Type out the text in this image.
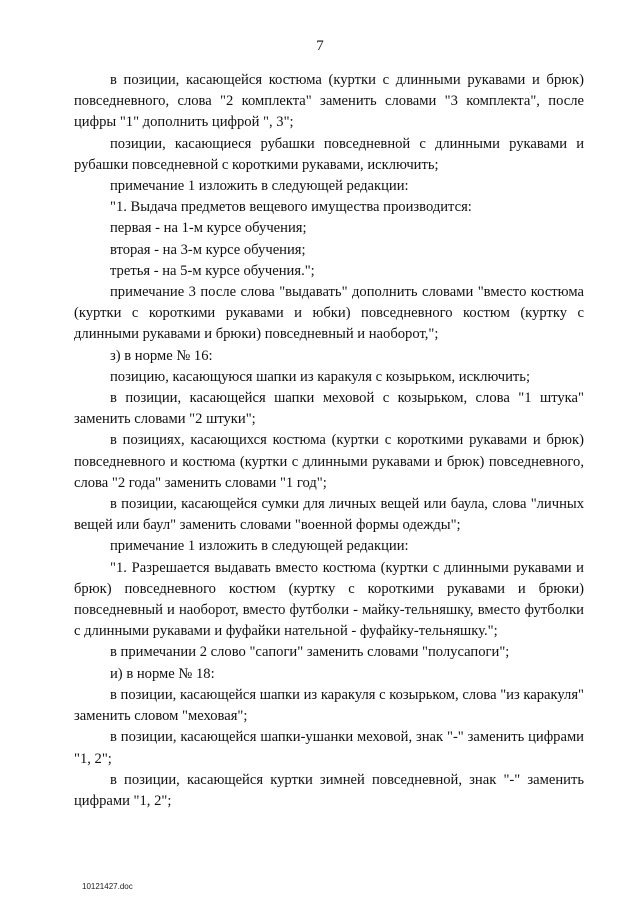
7

в позиции, касающейся костюма (куртки с длинными рукавами и брюк) повседневного, слова "2 комплекта" заменить словами "3 комплекта", после цифры "1" дополнить цифрой ", 3";

позиции, касающиеся рубашки повседневной с длинными рукавами и рубашки повседневной с короткими рукавами, исключить;

примечание 1 изложить в следующей редакции:

"1. Выдача предметов вещевого имущества производится:

первая - на 1-м курсе обучения;

вторая - на 3-м курсе обучения;

третья - на 5-м курсе обучения.";

примечание 3 после слова "выдавать" дополнить словами "вместо костюма (куртки с короткими рукавами и юбки) повседневного костюм (куртку с длинными рукавами и брюки) повседневный и наоборот,";

з) в норме № 16:

позицию, касающуюся шапки из каракуля с козырьком, исключить;

в позиции, касающейся шапки меховой с козырьком, слова "1 штука" заменить словами "2 штуки";

в позициях, касающихся костюма (куртки с короткими рукавами и брюк) повседневного и костюма (куртки с длинными рукавами и брюк) повседневного, слова "2 года" заменить словами "1 год";

в позиции, касающейся сумки для личных вещей или баула, слова "личных вещей или баул" заменить словами "военной формы одежды";

примечание 1 изложить в следующей редакции:

"1. Разрешается выдавать вместо костюма (куртки с длинными рукавами и брюк) повседневного костюм (куртку с короткими рукавами и брюки) повседневный и наоборот, вместо футболки - майку-тельняшку, вместо футболки с длинными рукавами и фуфайки нательной - фуфайку-тельняшку.";

в примечании 2 слово "сапоги" заменить словами "полусапоги";

и) в норме № 18:

в позиции, касающейся шапки из каракуля с козырьком, слова "из каракуля" заменить словом "меховая";

в позиции, касающейся шапки-ушанки меховой, знак "-" заменить цифрами "1, 2";

в позиции, касающейся куртки зимней повседневной, знак "-" заменить цифрами "1, 2";

10121427.doc
